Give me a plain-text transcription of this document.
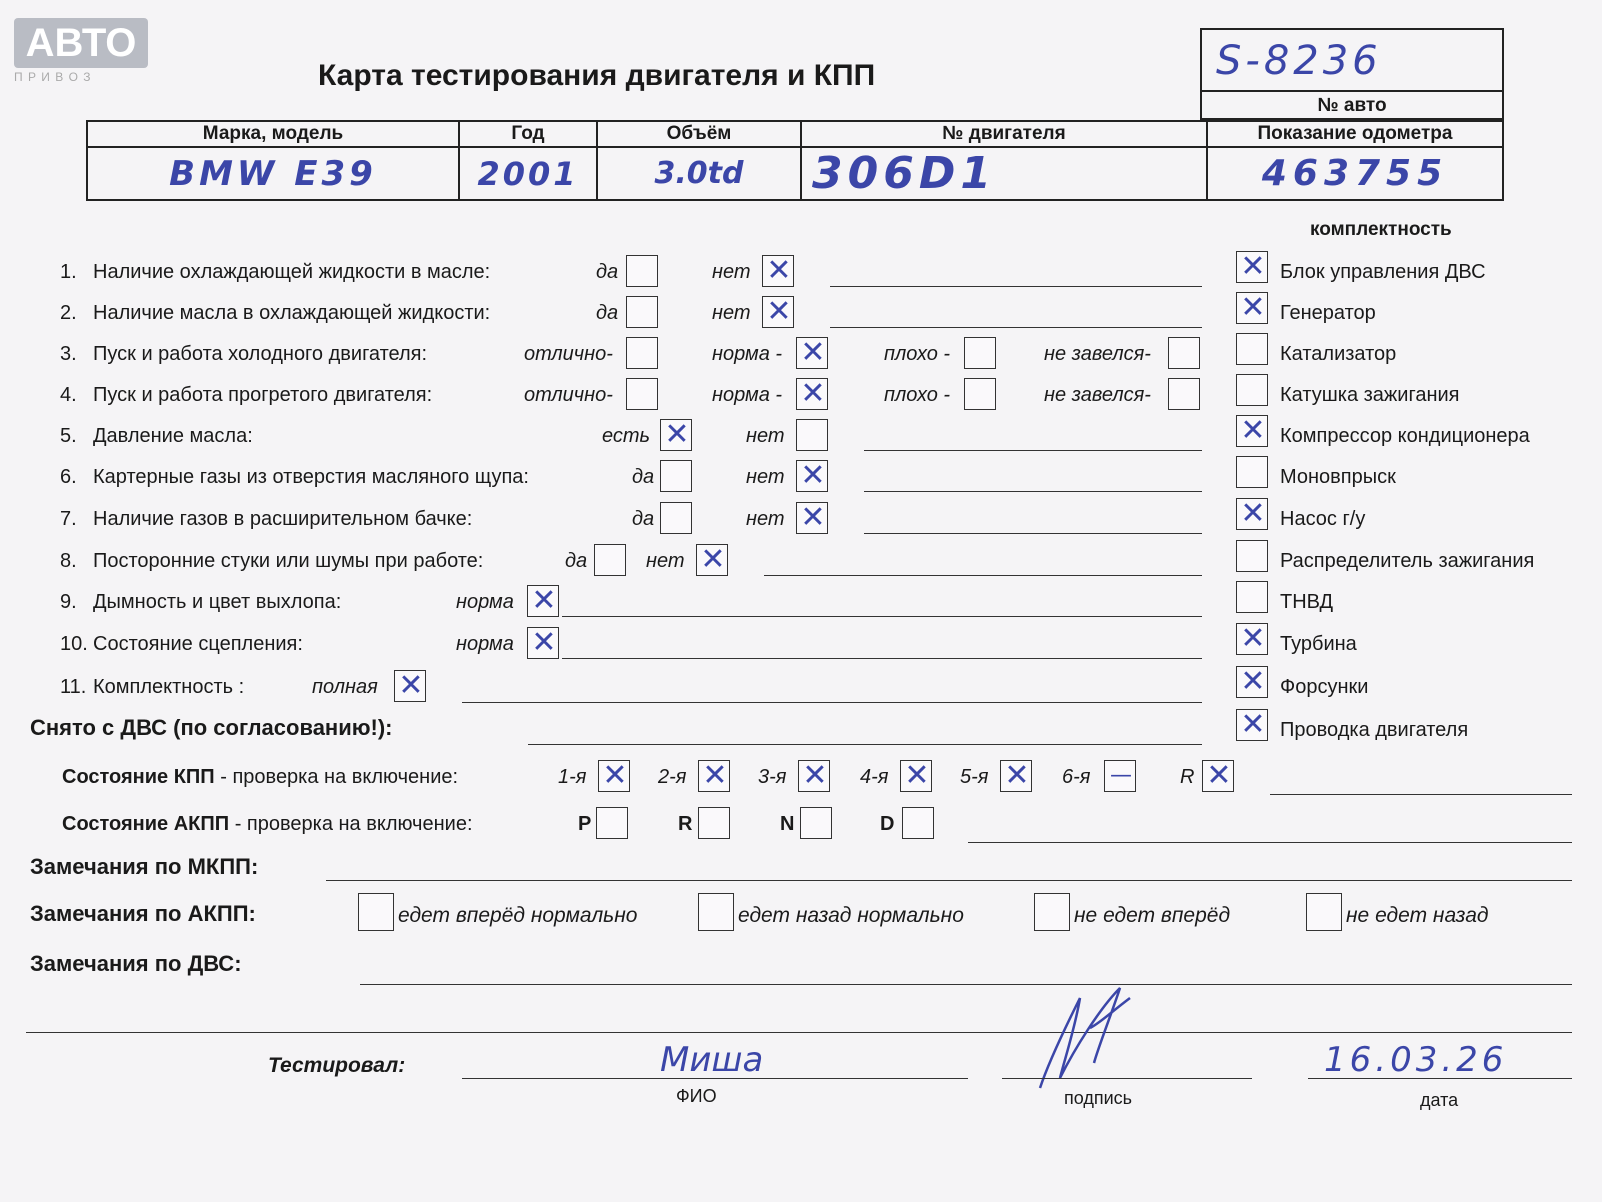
АВТО
П Р И В О З	Карта тестирования двигателя и КПП	S-8236
№ авто
Марка, модель	Год	Объём	№ двигателя	Показание одометра
BMW E39	2001	3.0td	306D1	463755
комплектность
1. Наличие охлаждающей жидкости в масле:	да	нет ✕
2. Наличие масла в охлаждающей жидкости:	да	нет ✕
3. Пуск и работа холодного двигателя:	отлично-	норма - ✕	плохо -	не завелся-
4. Пуск и работа прогретого двигателя:	отлично-	норма - ✕	плохо -	не завелся-
5. Давление масла:	есть ✕	нет
6. Картерные газы из отверстия масляного щупа:	да	нет ✕
7. Наличие газов в расширительном бачке:	да	нет ✕
8. Посторонние стуки или шумы при работе:	да	нет ✕
9. Дымность и цвет выхлопа:	норма ✕
10. Состояние сцепления:	норма ✕
11. Комплектность :	полная ✕
✕ Блок управления ДВС
✕ Генератор
Катализатор
Катушка зажигания
✕ Компрессор кондиционера
Моновпрыск
✕ Насос г/у
Распределитель зажигания
ТНВД
✕ Турбина
✕ Форсунки
✕ Проводка двигателя
Снято с ДВС (по согласованию!):
Состояние КПП - проверка на включение:	1-я ✕ 2-я ✕ 3-я ✕ 4-я ✕ 5-я ✕ 6-я — R ✕
Состояние АКПП - проверка на включение:	P	R	N	D
Замечания по МКПП:
Замечания по АКПП:	едет вперёд нормально	едет назад нормально	не едет вперёд	не едет назад
Замечания по ДВС:
Тестировал:	Миша
ФИО	подпись
16.03.26
дата
